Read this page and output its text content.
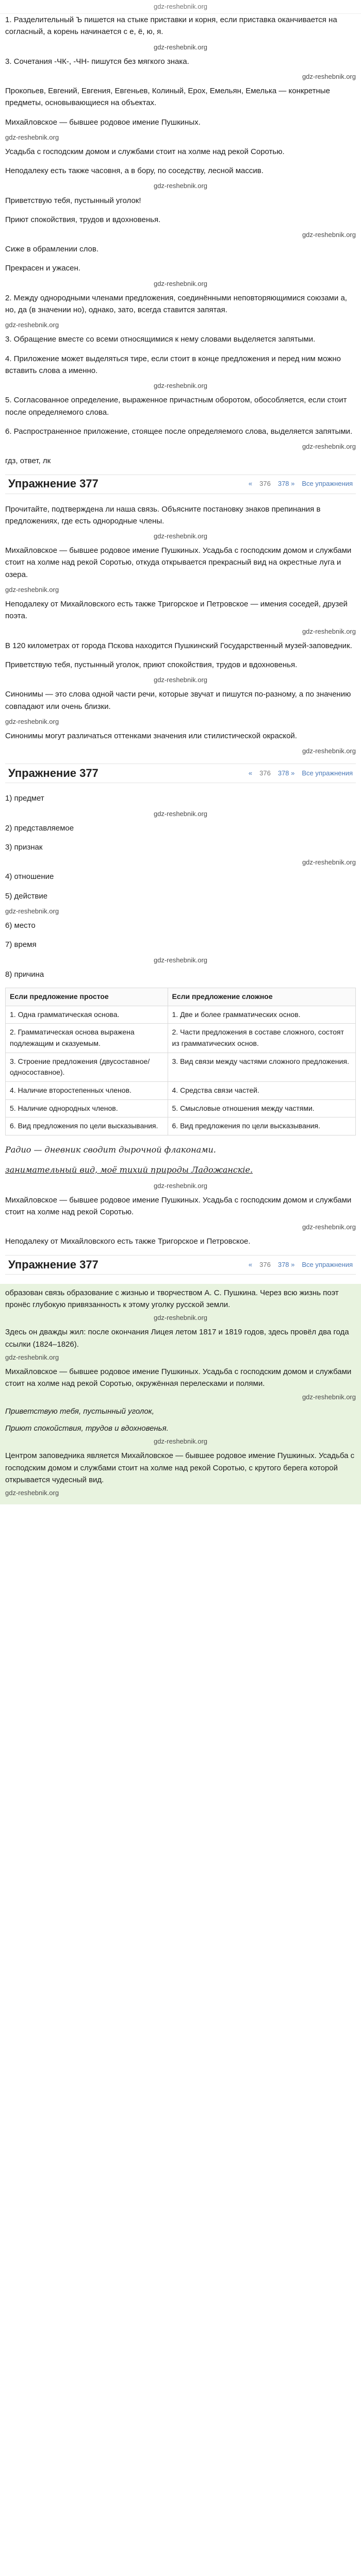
gdz-reshebnik.org

1. Разделительный Ъ пишется на стыке приставки и корня, если приставка оканчивается на согласный, а корень начинается с е, ё, ю, я.

gdz-reshebnik.org

3. Сочетания -ЧК-, -ЧН- пишутся без мягкого знака.

gdz-reshebnik.org

Прокопьев, Евгений, Евгения, Евгеньев, Колиный, Ерох, Емельян, Емелька — конкретные предметы, основывающиеся на объектах.

Михайловское — бывшее родовое имение Пушкиных.

gdz-reshebnik.org

Усадьба с господским домом и службами стоит на холме над рекой Соротью.

Неподалеку есть также часовня, а в бору, по соседству, лесной массив.

gdz-reshebnik.org

Приветствую тебя, пустынный уголок!

Приют спокойствия, трудов и вдохновенья.

gdz-reshebnik.org

Сиже в обрамлении слов.

Прекрасен и ужасен.

gdz-reshebnik.org

2. Между однородными членами предложения, соединёнными неповторяющимися союзами а, но, да (в значении но), однако, зато, всегда ставится запятая.

gdz-reshebnik.org

3. Обращение вместе со всеми относящимися к нему словами выделяется запятыми.

4. Приложение может выделяться тире, если стоит в конце предложения и перед ним можно вставить слова а именно.

gdz-reshebnik.org

5. Согласованное определение, выраженное причастным оборотом, обособляется, если стоит после определяемого слова.

6. Распространенное приложение, стоящее после определяемого слова, выделяется запятыми.

gdz-reshebnik.org

гдз, ответ, лк

Упражнение 377	« 376 378 » Все упражнения

Прочитайте, подтверждена ли наша связь. Объясните постановку знаков препинания в предложениях, где есть однородные члены.

gdz-reshebnik.org

Михайловское — бывшее родовое имение Пушкиных. Усадьба с господским домом и службами стоит на холме над рекой Соротью, откуда открывается прекрасный вид на окрестные луга и озера.

gdz-reshebnik.org

Неподалеку от Михайловского есть также Тригорское и Петровское — имения соседей, друзей поэта.

gdz-reshebnik.org

В 120 километрах от города Пскова находится Пушкинский Государственный музей-заповедник.

Приветствую тебя, пустынный уголок, приют спокойствия, трудов и вдохновенья.

gdz-reshebnik.org

Синонимы — это слова одной части речи, которые звучат и пишутся по-разному, а по значению совпадают или очень близки.

gdz-reshebnik.org

Синонимы могут различаться оттенками значения или стилистической окраской.

gdz-reshebnik.org
Упражнение 377	« 376 378 » Все упражнения

1) предмет

gdz-reshebnik.org

2) представляемое

3) признак

gdz-reshebnik.org

4) отношение

5) действие

gdz-reshebnik.org

6) место

7) время

gdz-reshebnik.org

8) причина

Если предложение простое	Если предложение сложное
1. Одна грамматическая основа.	1. Две и более грамматических основ.
2. Грамматическая основа выражена подлежащим и сказуемым.	2. Части предложения в составе сложного, состоят из грамматических основ.
3. Строение предложения (двусоставное/односоставное).	3. Вид связи между частями сложного предложения.
4. Наличие второстепенных членов.	4. Средства связи частей.
5. Наличие однородных членов.	5. Смысловые отношения между частями.
6. Вид предложения по цели высказывания.	6. Вид предложения по цели высказывания.

Радио — дневник сводит дырочной флаконами.

занимательный вид, моё тихий природы Ладожанскіе.

gdz-reshebnik.org

Михайловское — бывшее родовое имение Пушкиных. Усадьба с господским домом и службами стоит на холме над рекой Соротью.

gdz-reshebnik.org

Неподалеку от Михайловского есть также Тригорское и Петровское.

Упражнение 377	« 376 378 » Все упражнения

образован связь образование с жизнью и творчеством А. С. Пушкина. Через всю жизнь поэт пронёс глубокую привязанность к этому уголку русской земли.

gdz-reshebnik.org

Здесь он дважды жил: после окончания Лицея летом 1817 и 1819 годов, здесь провёл два года ссылки (1824–1826).

gdz-reshebnik.org

Михайловское — бывшее родовое имение Пушкиных. Усадьба с господским домом и службами стоит на холме над рекой Соротью, окружённая перелесками и полями.

gdz-reshebnik.org

Приветствую тебя, пустынный уголок,

Приют спокойствия, трудов и вдохновенья.

gdz-reshebnik.org

Центром заповедника является Михайловское — бывшее родовое имение Пушкиных. Усадьба с господским домом и службами стоит на холме над рекой Соротью, с крутого берега которой открывается чудесный вид.

gdz-reshebnik.org
